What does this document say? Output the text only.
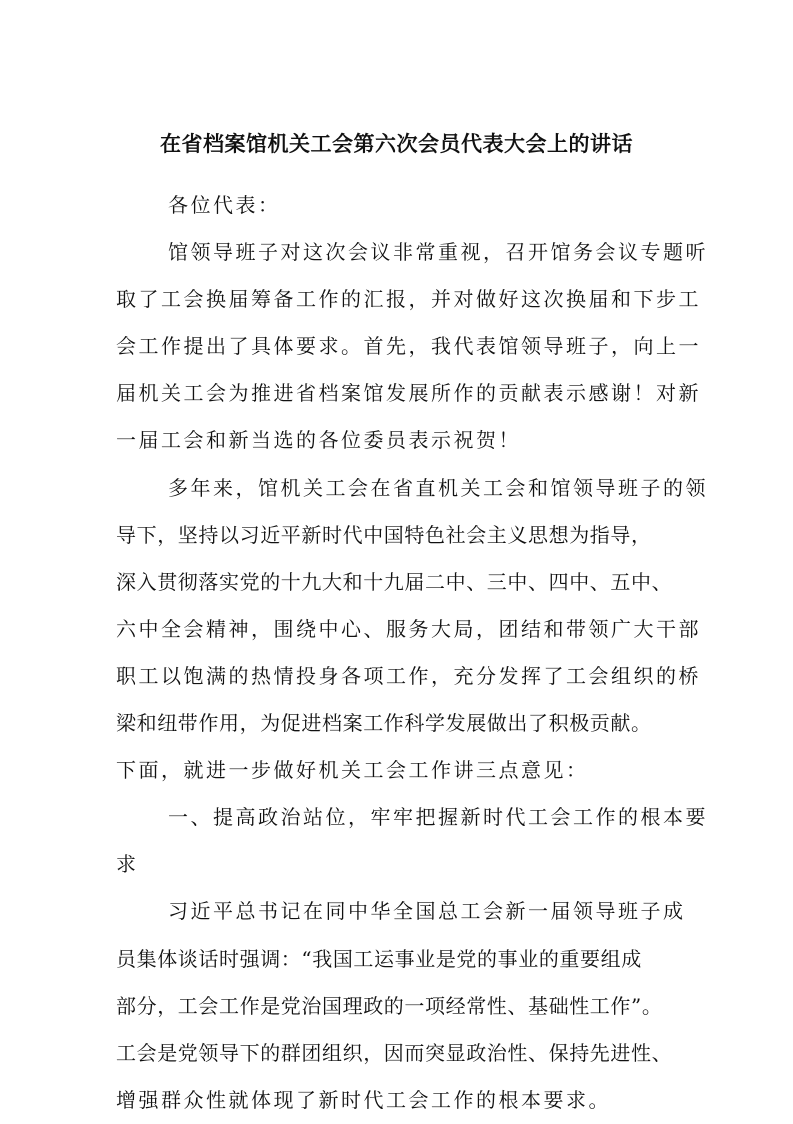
在省档案馆机关工会第六次会员代表大会上的讲话
各位代表：
馆领导班子对这次会议非常重视，召开馆务会议专题听
取了工会换届筹备工作的汇报，并对做好这次换届和下步工
会工作提出了具体要求。首先，我代表馆领导班子，向上一
届机关工会为推进省档案馆发展所作的贡献表示感谢！对新
一届工会和新当选的各位委员表示祝贺！
多年来，馆机关工会在省直机关工会和馆领导班子的领
导下，坚持以习近平新时代中国特色社会主义思想为指导，
深入贯彻落实党的十九大和十九届二中、三中、四中、五中、
六中全会精神，围绕中心、服务大局，团结和带领广大干部
职工以饱满的热情投身各项工作，充分发挥了工会组织的桥
梁和纽带作用，为促进档案工作科学发展做出了积极贡献。
下面，就进一步做好机关工会工作讲三点意见：
一、提高政治站位，牢牢把握新时代工会工作的根本要
求
习近平总书记在同中华全国总工会新一届领导班子成
员集体谈话时强调：“我国工运事业是党的事业的重要组成
部分，工会工作是党治国理政的一项经常性、基础性工作”。
工会是党领导下的群团组织，因而突显政治性、保持先进性、
增强群众性就体现了新时代工会工作的根本要求。
